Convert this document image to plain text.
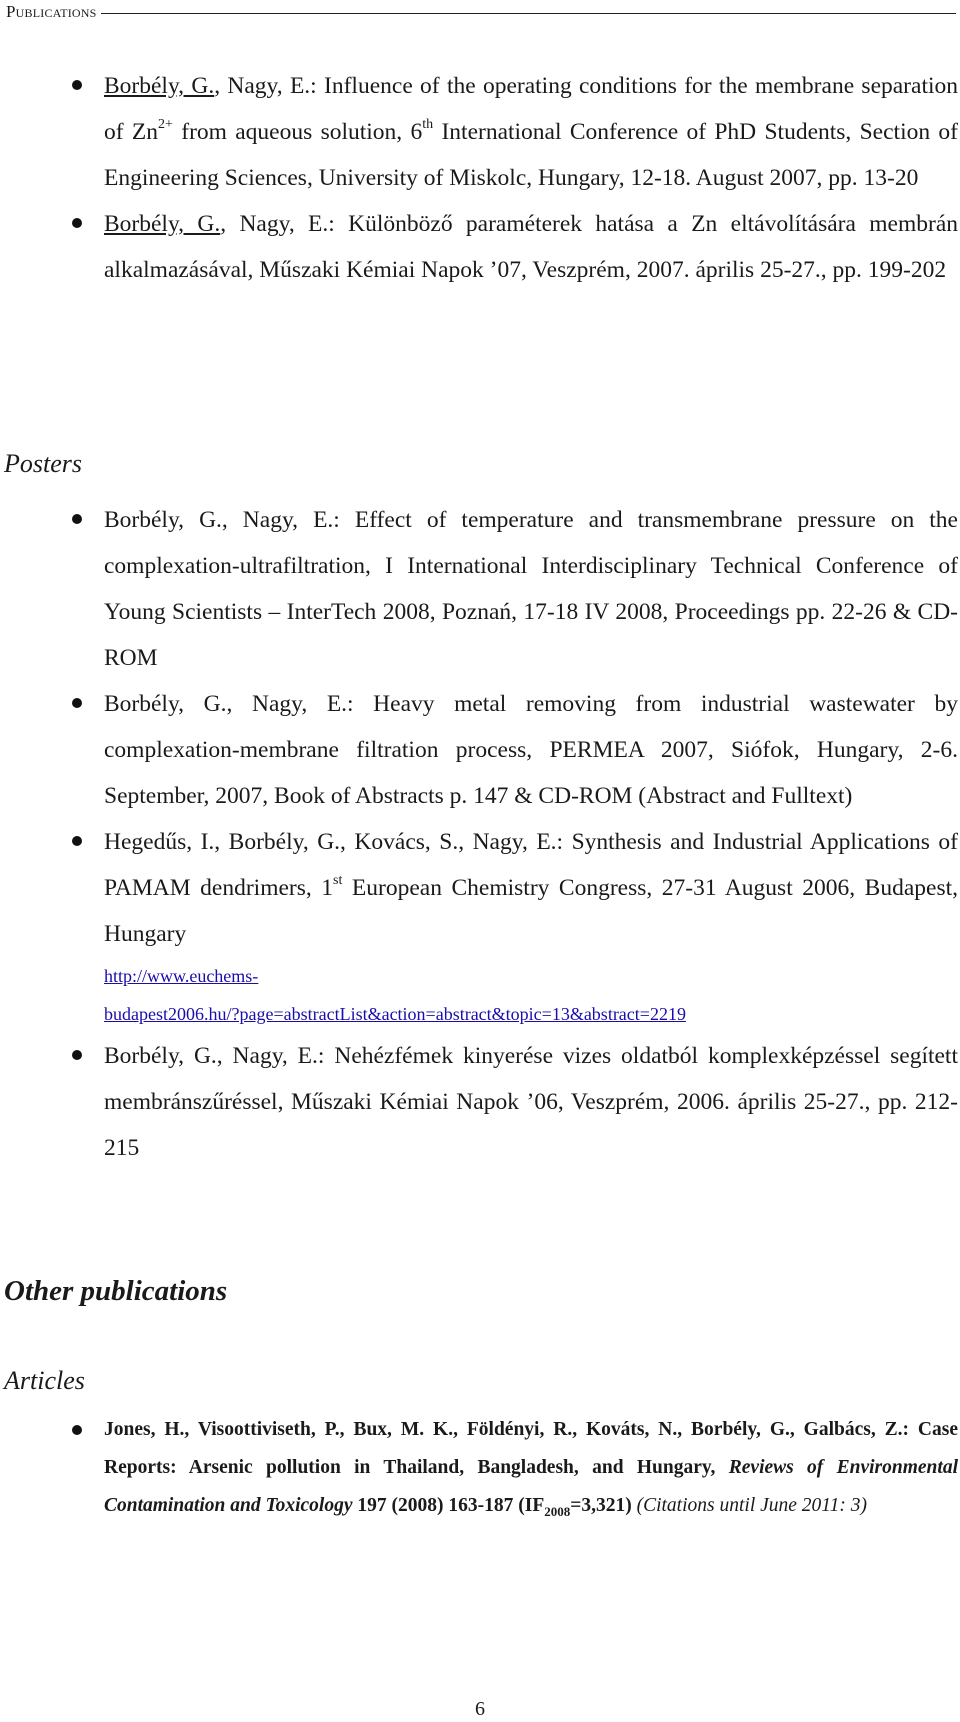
Publications
Borbély, G., Nagy, E.: Influence of the operating conditions for the membrane separation of $Zn^{2+}$ from aqueous solution, 6th International Conference of PhD Students, Section of Engineering Sciences, University of Miskolc, Hungary, 12-18. August 2007, pp. 13-20
Borbély, G., Nagy, E.: Különböző paraméterek hatása a Zn eltávolítására membrán alkalmazásával, Műszaki Kémiai Napok ’07, Veszprém, 2007. április 25-27., pp. 199-202
Posters
Borbély, G., Nagy, E.: Effect of temperature and transmembrane pressure on the complexation-ultrafiltration, I International Interdisciplinary Technical Conference of Young Scientists – InterTech 2008, Poznań, 17-18 IV 2008, Proceedings pp. 22-26 & CD-ROM
Borbély, G., Nagy, E.: Heavy metal removing from industrial wastewater by complexation-membrane filtration process, PERMEA 2007, Siófok, Hungary, 2-6. September, 2007, Book of Abstracts p. 147 & CD-ROM (Abstract and Fulltext)
Hegedűs, I., Borbély, G., Kovács, S., Nagy, E.: Synthesis and Industrial Applications of PAMAM dendrimers, 1st European Chemistry Congress, 27-31 August 2006, Budapest, Hungary
http://www.euchems-
budapest2006.hu/?page=abstractList&action=abstract&topic=13&abstract=2219
Borbély, G., Nagy, E.: Nehézfémek kinyerése vizes oldatból komplexképzéssel segített membránszűréssel, Műszaki Kémiai Napok ’06, Veszprém, 2006. április 25-27., pp. 212-215
Other publications
Articles
Jones, H., Visoottiviseth, P., Bux, M. K., Földényi, R., Kováts, N., Borbély, G., Galbács, Z.: Case Reports: Arsenic pollution in Thailand, Bangladesh, and Hungary, Reviews of Environmental Contamination and Toxicology 197 (2008) 163-187 $(IF_{2008}=3,321)$ (Citations until June 2011: 3)
6
